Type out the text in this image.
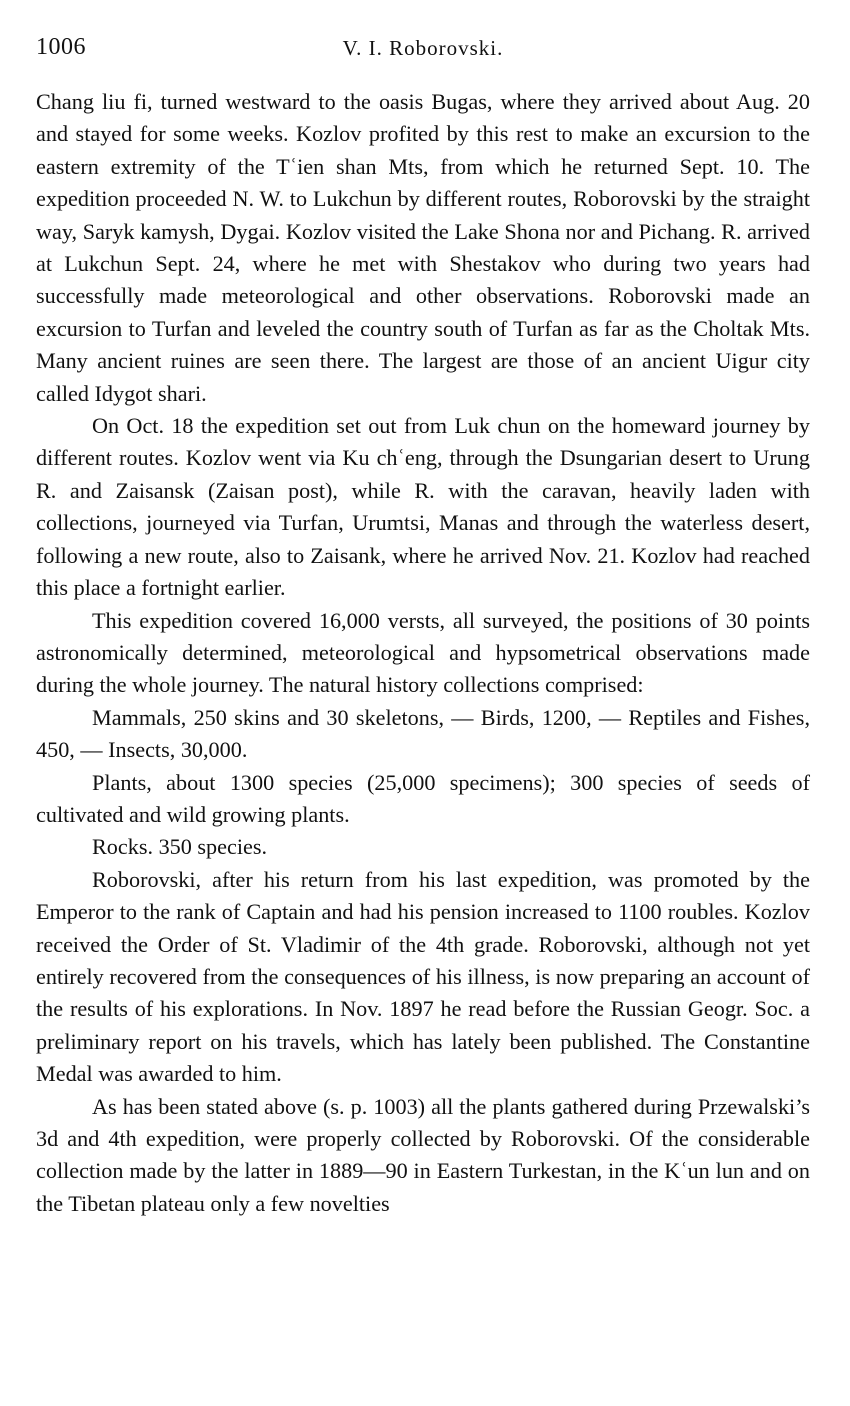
1006	V. I. Roborovski.

Chang liu fi, turned westward to the oasis Bugas, where they arrived about Aug. 20 and stayed for some weeks. Kozlov profited by this rest to make an excursion to the eastern extremity of the Tʿien shan Mts, from which he returned Sept. 10. The expedition proceeded N. W. to Lukchun by different routes, Roborovski by the straight way, Saryk kamysh, Dygai. Kozlov visited the Lake Shona nor and Pichang. R. arrived at Lukchun Sept. 24, where he met with Shestakov who during two years had successfully made meteorological and other observations. Roborovski made an excursion to Turfan and leveled the country south of Turfan as far as the Choltak Mts. Many ancient ruines are seen there. The largest are those of an ancient Uigur city called Idygot shari.

On Oct. 18 the expedition set out from Luk chun on the homeward journey by different routes. Kozlov went via Ku chʿeng, through the Dsungarian desert to Urung R. and Zaisansk (Zaisan post), while R. with the caravan, heavily laden with collections, journeyed via Turfan, Urumtsi, Manas and through the waterless desert, following a new route, also to Zaisank, where he arrived Nov. 21. Kozlov had reached this place a fortnight earlier.

This expedition covered 16,000 versts, all surveyed, the positions of 30 points astronomically determined, meteorological and hypsometrical observations made during the whole journey. The natural history collections comprised:

Mammals, 250 skins and 30 skeletons, — Birds, 1200, — Reptiles and Fishes, 450, — Insects, 30,000.

Plants, about 1300 species (25,000 specimens); 300 species of seeds of cultivated and wild growing plants.

Rocks. 350 species.

Roborovski, after his return from his last expedition, was promoted by the Emperor to the rank of Captain and had his pension increased to 1100 roubles. Kozlov received the Order of St. Vladimir of the 4th grade. Roborovski, although not yet entirely recovered from the consequences of his illness, is now preparing an account of the results of his explorations. In Nov. 1897 he read before the Russian Geogr. Soc. a preliminary report on his travels, which has lately been published. The Constantine Medal was awarded to him.

As has been stated above (s. p. 1003) all the plants gathered during Przewalski’s 3d and 4th expedition, were properly collected by Roborovski. Of the considerable collection made by the latter in 1889—90 in Eastern Turkestan, in the Kʿun lun and on the Tibetan plateau only a few novelties
